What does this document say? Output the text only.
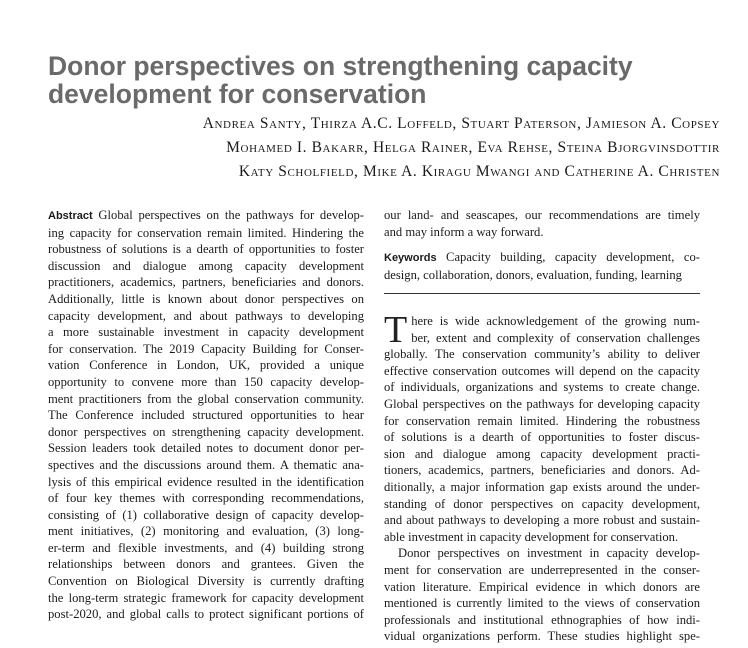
Donor perspectives on strengthening capacity
development for conservation
Andrea Santy, Thirza A.C. Loffeld, Stuart Paterson, Jamieson A. Copsey
Mohamed I. Bakarr, Helga Rainer, Eva Rehse, Steina Bjorgvinsdottir
Katy Scholfield, Mike A. Kiragu Mwangi and Catherine A. Christen
Abstract Global perspectives on the pathways for develop-
ing capacity for conservation remain limited. Hindering the
robustness of solutions is a dearth of opportunities to foster
discussion and dialogue among capacity development
practitioners, academics, partners, beneficiaries and donors.
Additionally, little is known about donor perspectives on
capacity development, and about pathways to developing
a more sustainable investment in capacity development
for conservation. The 2019 Capacity Building for Conser-
vation Conference in London, UK, provided a unique
opportunity to convene more than 150 capacity develop-
ment practitioners from the global conservation community.
The Conference included structured opportunities to hear
donor perspectives on strengthening capacity development.
Session leaders took detailed notes to document donor per-
spectives and the discussions around them. A thematic ana-
lysis of this empirical evidence resulted in the identification
of four key themes with corresponding recommendations,
consisting of (1) collaborative design of capacity develop-
ment initiatives, (2) monitoring and evaluation, (3) long-
er-term and flexible investments, and (4) building strong
relationships between donors and grantees. Given the
Convention on Biological Diversity is currently drafting
the long-term strategic framework for capacity development
post-2020, and global calls to protect significant portions of
our land- and seascapes, our recommendations are timely
and may inform a way forward.
Keywords Capacity building, capacity development, co-
design, collaboration, donors, evaluation, funding, learning
T here is wide acknowledgement of the growing num-
ber, extent and complexity of conservation challenges
globally. The conservation community’s ability to deliver
effective conservation outcomes will depend on the capacity
of individuals, organizations and systems to create change.
Global perspectives on the pathways for developing capacity
for conservation remain limited. Hindering the robustness
of solutions is a dearth of opportunities to foster discus-
sion and dialogue among capacity development practi-
tioners, academics, partners, beneficiaries and donors. Ad-
ditionally, a major information gap exists around the under-
standing of donor perspectives on capacity development,
and about pathways to developing a more robust and sustain-
able investment in capacity development for conservation.
Donor perspectives on investment in capacity develop-
ment for conservation are underrepresented in the conser-
vation literature. Empirical evidence in which donors are
mentioned is currently limited to the views of conservation
professionals and institutional ethnographies of how indi-
vidual organizations perform. These studies highlight spe-
